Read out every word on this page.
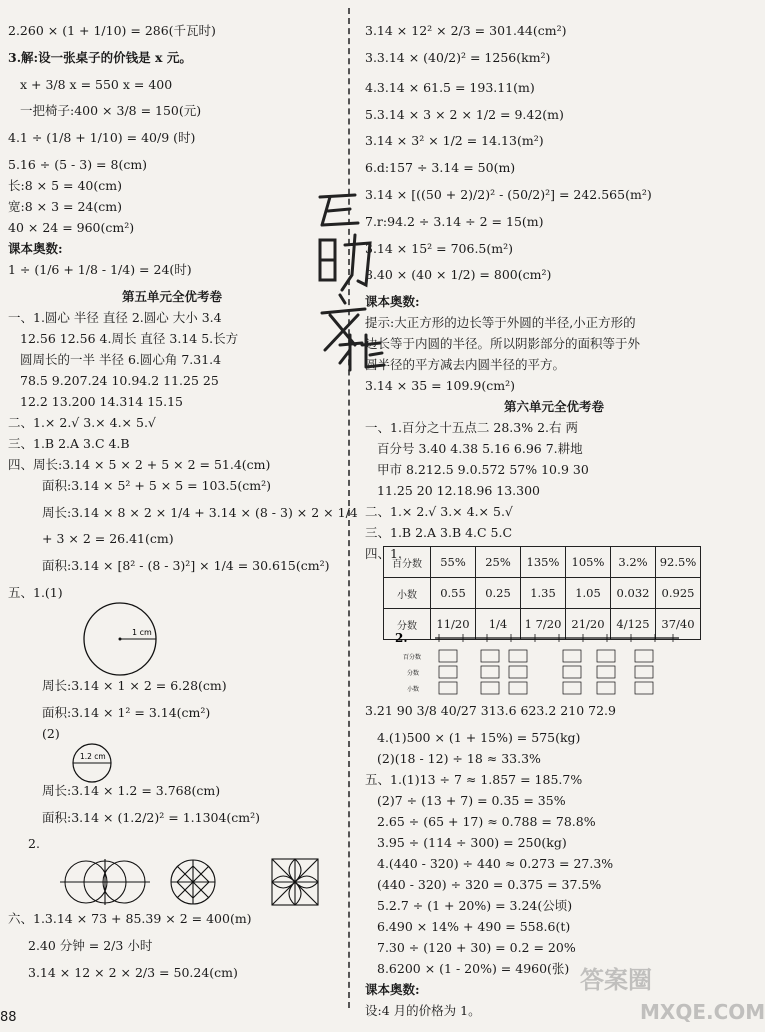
2.260 × (1 + 1/10) = 286(千瓦时)
3.解:设一张桌子的价钱是 x 元。
x + 3/8 x = 550 x = 400
一把椅子:400 × 3/8 = 150(元)
4.1 ÷ (1/8 + 1/10) = 40/9 (时)
5.16 ÷ (5 - 3) = 8(cm)
长:8 × 5 = 40(cm)
宽:8 × 3 = 24(cm)
40 × 24 = 960(cm²)
课本奥数:
1 ÷ (1/6 + 1/8 - 1/4) = 24(时)
第五单元全优考卷
一、1.圆心 半径 直径 2.圆心 大小 3.4
12.56 12.56 4.周长 直径 3.14 5.长方
圆周长的一半 半径 6.圆心角 7.31.4
78.5 9.207.24 10.94.2 11.25 25
12.2 13.200 14.314 15.15
二、1.× 2.√ 3.× 4.× 5.√
三、1.B 2.A 3.C 4.B
四、周长:3.14 × 5 × 2 + 5 × 2 = 51.4(cm)
面积:3.14 × 5² + 5 × 5 = 103.5(cm²)
周长:3.14 × 8 × 2 × 1/4 + 3.14 × (8 - 3) × 2 × 1/4
+ 3 × 2 = 26.41(cm)
面积:3.14 × [8² - (8 - 3)²] × 1/4 = 30.615(cm²)
五、1.(1)
1 cm
周长:3.14 × 1 × 2 = 6.28(cm)
面积:3.14 × 1² = 3.14(cm²)
(2)
1.2 cm
周长:3.14 × 1.2 = 3.768(cm)
面积:3.14 × (1.2/2)² = 1.1304(cm²)
2.
六、1.3.14 × 73 + 85.39 × 2 = 400(m)
2.40 分钟 = 2/3 小时
3.14 × 12 × 2 × 2/3 = 50.24(cm)
3.14 × 12² × 2/3 = 301.44(cm²)
3.3.14 × (40/2)² = 1256(km²)
4.3.14 × 61.5 = 193.11(m)
5.3.14 × 3 × 2 × 1/2 = 9.42(m)
3.14 × 3² × 1/2 = 14.13(m²)
6.d:157 ÷ 3.14 = 50(m)
3.14 × [((50 + 2)/2)² - (50/2)²] = 242.565(m²)
7.r:94.2 ÷ 3.14 ÷ 2 = 15(m)
3.14 × 15² = 706.5(m²)
8.40 × (40 × 1/2) = 800(cm²)
课本奥数:
提示:大正方形的边长等于外圆的半径,小正方形的
边长等于内圆的半径。所以阴影部分的面积等于外
圆半径的平方减去内圆半径的平方。
3.14 × 35 = 109.9(cm²)
第六单元全优考卷
一、1.百分之十五点二 28.3% 2.右 两
百分号 3.40 4.38 5.16 6.96 7.耕地
甲市 8.212.5 9.0.572 57% 10.9 30
11.25 20 12.18.96 13.300
二、1.× 2.√ 3.× 4.× 5.√
三、1.B 2.A 3.B 4.C 5.C
四、1.
百分数	55%	25%	135%	105%	3.2%	92.5%
小数	0.55	0.25	1.35	1.05	0.032	0.925
分数	11/20	1/4	1 7/20	21/20	4/125	37/40
2.
百分数
分数
小数
3.21 90 3/8 40/27 313.6 623.2 210 72.9
4.(1)500 × (1 + 15%) = 575(kg)
(2)(18 - 12) ÷ 18 ≈ 33.3%
五、1.(1)13 ÷ 7 ≈ 1.857 = 185.7%
(2)7 ÷ (13 + 7) = 0.35 = 35%
2.65 ÷ (65 + 17) ≈ 0.788 = 78.8%
3.95 ÷ (114 ÷ 300) = 250(kg)
4.(440 - 320) ÷ 440 ≈ 0.273 = 27.3%
(440 - 320) ÷ 320 = 0.375 = 37.5%
5.2.7 ÷ (1 + 20%) = 3.24(公顷)
6.490 × 14% + 490 = 558.6(t)
7.30 ÷ (120 + 30) = 0.2 = 20%
8.6200 × (1 - 20%) = 4960(张)
课本奥数:
设:4 月的价格为 1。
88
答案圈
MXQE.COM
